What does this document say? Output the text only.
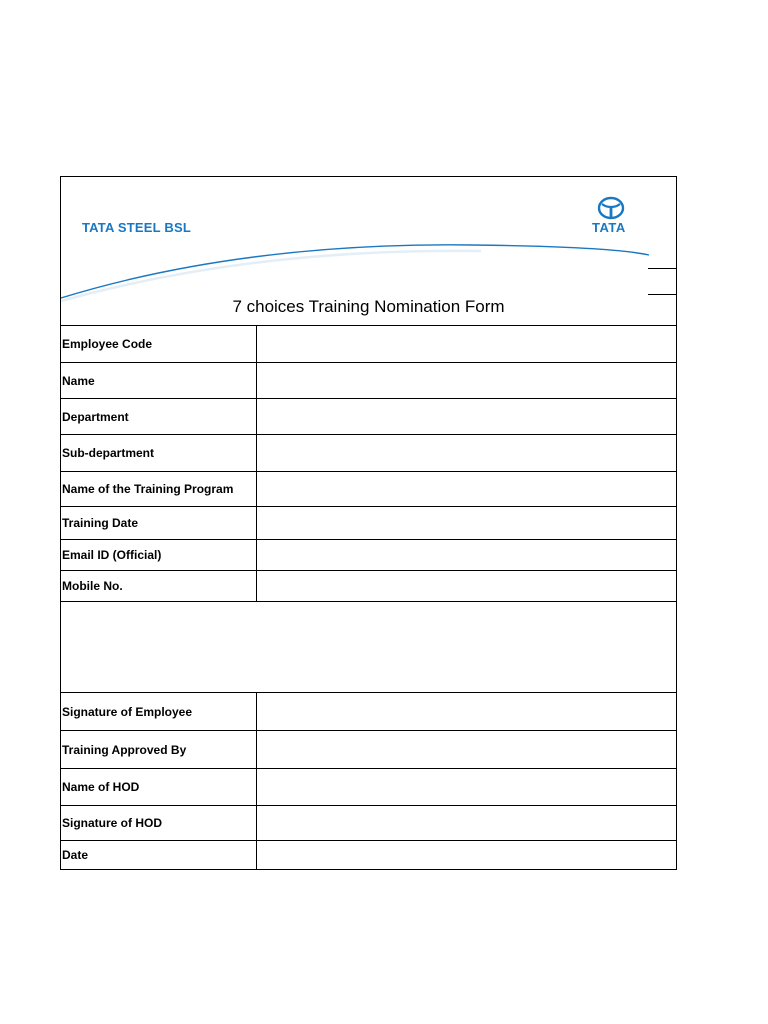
TATA STEEL BSL	TATA
7 choices Training Nomination Form
Employee Code
Name
Department
Sub-department
Name of the Training Program
Training Date
Email ID (Official)
Mobile No.
Signature of Employee
Training Approved By
Name of HOD
Signature of HOD
Date
